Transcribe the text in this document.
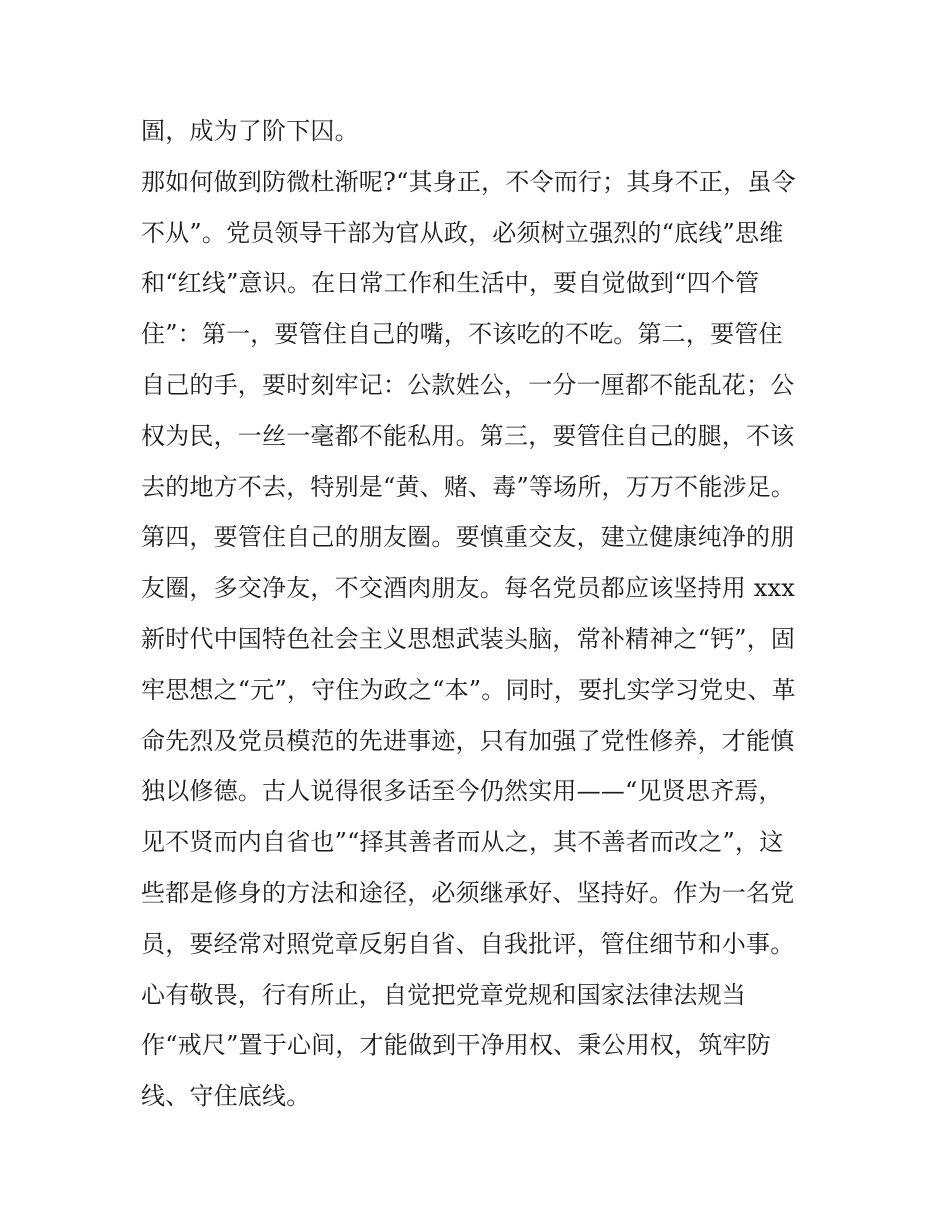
圄，成为了阶下囚。
那如何做到防微杜渐呢?“其身正，不令而行；其身不正，虽令
不从”。党员领导干部为官从政，必须树立强烈的“底线”思维
和“红线”意识。在日常工作和生活中，要自觉做到“四个管
住”：第一，要管住自己的嘴，不该吃的不吃。第二，要管住
自己的手，要时刻牢记：公款姓公，一分一厘都不能乱花；公
权为民，一丝一毫都不能私用。第三，要管住自己的腿，不该
去的地方不去，特别是“黄、赌、毒”等场所，万万不能涉足。
第四，要管住自己的朋友圈。要慎重交友，建立健康纯净的朋
友圈，多交净友，不交酒肉朋友。每名党员都应该坚持用 xxx
新时代中国特色社会主义思想武装头脑，常补精神之“钙”，固
牢思想之“元”，守住为政之“本”。同时，要扎实学习党史、革
命先烈及党员模范的先进事迹，只有加强了党性修养，才能慎
独以修德。古人说得很多话至今仍然实用——“见贤思齐焉，
见不贤而内自省也”“择其善者而从之，其不善者而改之”，这
些都是修身的方法和途径，必须继承好、坚持好。作为一名党
员，要经常对照党章反躬自省、自我批评，管住细节和小事。
心有敬畏，行有所止，自觉把党章党规和国家法律法规当
作“戒尺”置于心间，才能做到干净用权、秉公用权，筑牢防
线、守住底线。
